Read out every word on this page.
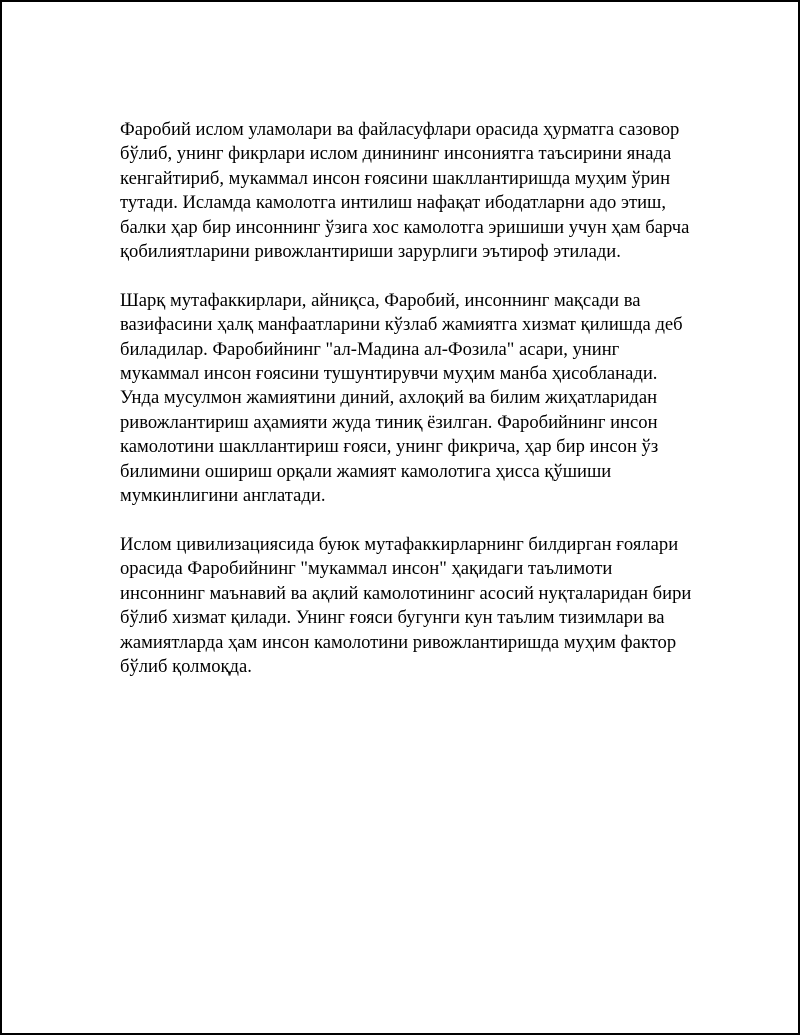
Фаробий ислом уламолари ва файласуфлари орасида ҳурматга сазовор
бўлиб, унинг фикрлари ислом динининг инсониятга таъсирини янада
кенгайтириб, мукаммал инсон ғоясини шакллантиришда муҳим ўрин
тутади. Исламда камолотга интилиш нафақат ибодатларни адо этиш,
балки ҳар бир инсоннинг ўзига хос камолотга эришиши учун ҳам барча
қобилиятларини ривожлантириши зарурлиги эътироф этилади.

Шарқ мутафаккирлари, айниқса, Фаробий, инсоннинг мақсади ва
вазифасини ҳалқ манфаатларини кўзлаб жамиятга хизмат қилишда деб
биладилар. Фаробийнинг "ал-Мадина ал-Фозила" асари, унинг
мукаммал инсон ғоясини тушунтирувчи муҳим манба ҳисобланади.
Унда мусулмон жамиятини диний, ахлоқий ва билим жиҳатларидан
ривожлантириш аҳамияти жуда тиниқ ёзилган. Фаробийнинг инсон
камолотини шакллантириш ғояси, унинг фикрича, ҳар бир инсон ўз
билимини ошириш орқали жамият камолотига ҳисса қўшиши
мумкинлигини англатади.

Ислом цивилизациясида буюк мутафаккирларнинг билдирган ғоялари
орасида Фаробийнинг "мукаммал инсон" ҳақидаги таълимоти
инсоннинг маънавий ва ақлий камолотининг асосий нуқталаридан бири
бўлиб хизмат қилади. Унинг ғояси бугунги кун таълим тизимлари ва
жамиятларда ҳам инсон камолотини ривожлантиришда муҳим фактор
бўлиб қолмоқда.
